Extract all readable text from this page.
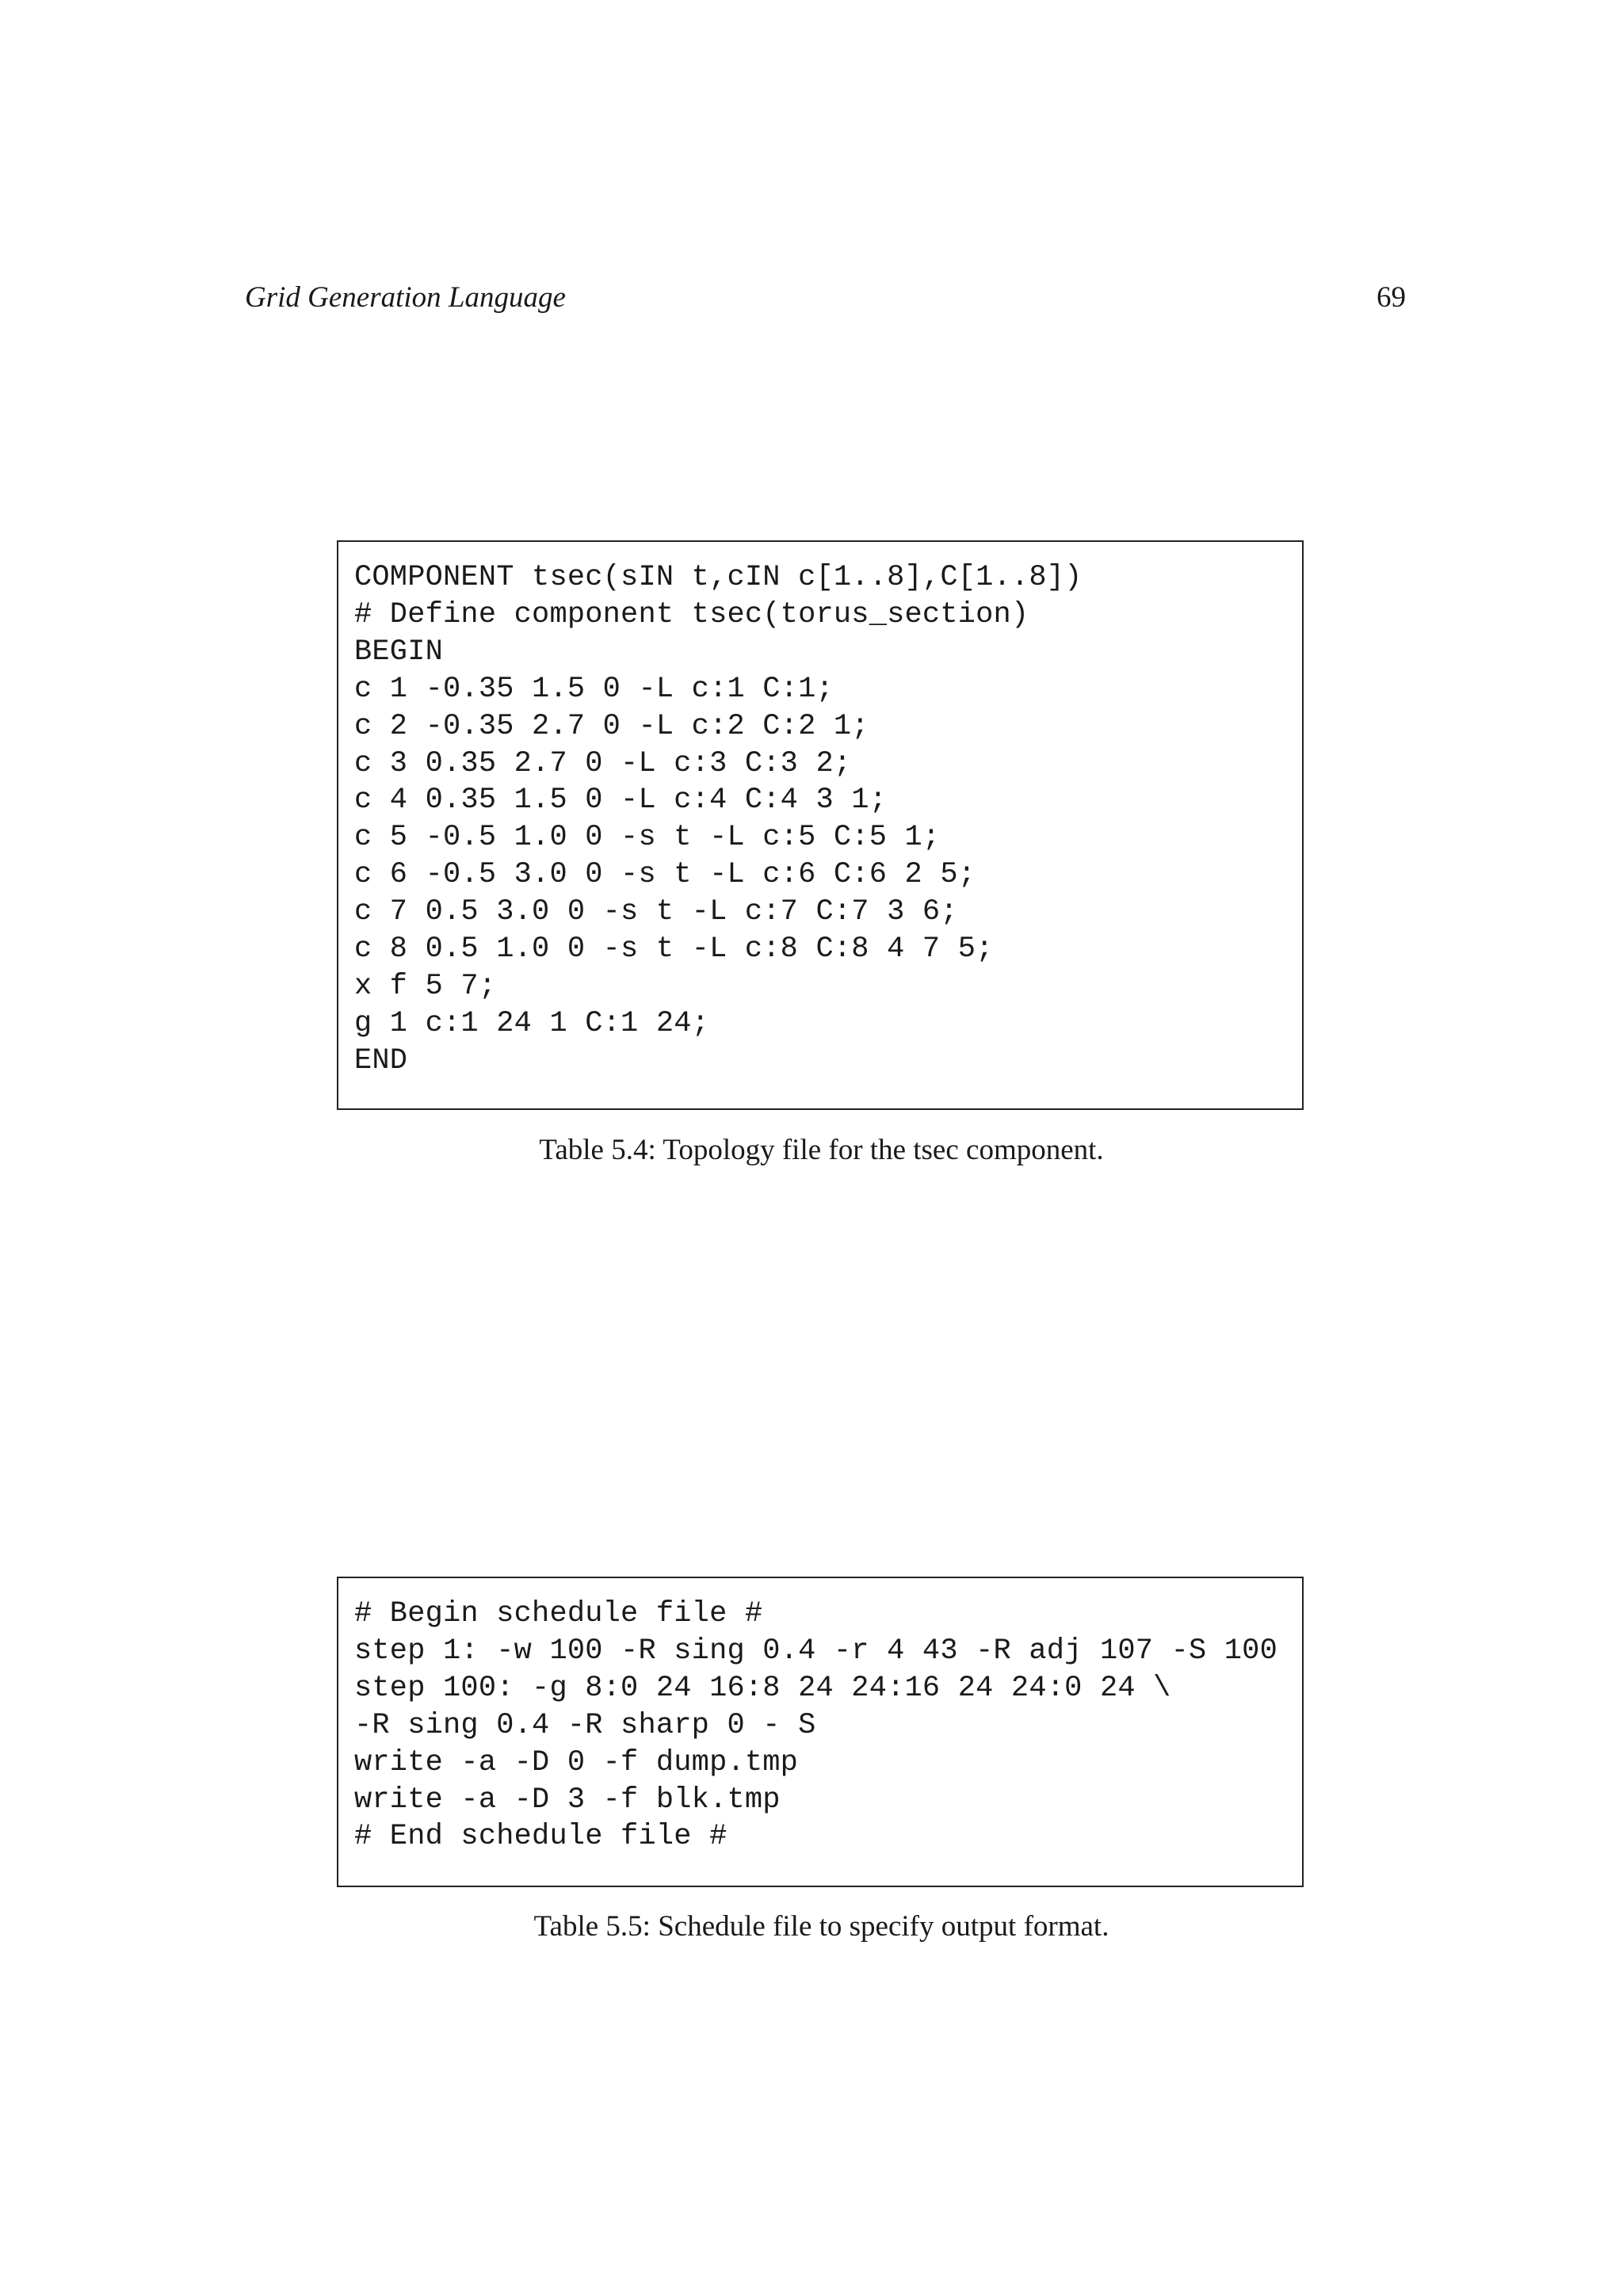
Grid Generation Language	69
COMPONENT tsec(sIN t,cIN c[1..8],C[1..8])
# Define component tsec(torus_section)
BEGIN
c 1 -0.35 1.5 0 -L c:1 C:1;
c 2 -0.35 2.7 0 -L c:2 C:2 1;
c 3 0.35 2.7 0 -L c:3 C:3 2;
c 4 0.35 1.5 0 -L c:4 C:4 3 1;
c 5 -0.5 1.0 0 -s t -L c:5 C:5 1;
c 6 -0.5 3.0 0 -s t -L c:6 C:6 2 5;
c 7 0.5 3.0 0 -s t -L c:7 C:7 3 6;
c 8 0.5 1.0 0 -s t -L c:8 C:8 4 7 5;
x f 5 7;
g 1 c:1 24 1 C:1 24;
END
Table 5.4: Topology file for the tsec component.
# Begin schedule file #
step 1: -w 100 -R sing 0.4 -r 4 43 -R adj 107 -S 100
step 100: -g 8:0 24 16:8 24 24:16 24 24:0 24 \
-R sing 0.4 -R sharp 0 - S
write -a -D 0 -f dump.tmp
write -a -D 3 -f blk.tmp
# End schedule file #
Table 5.5: Schedule file to specify output format.
